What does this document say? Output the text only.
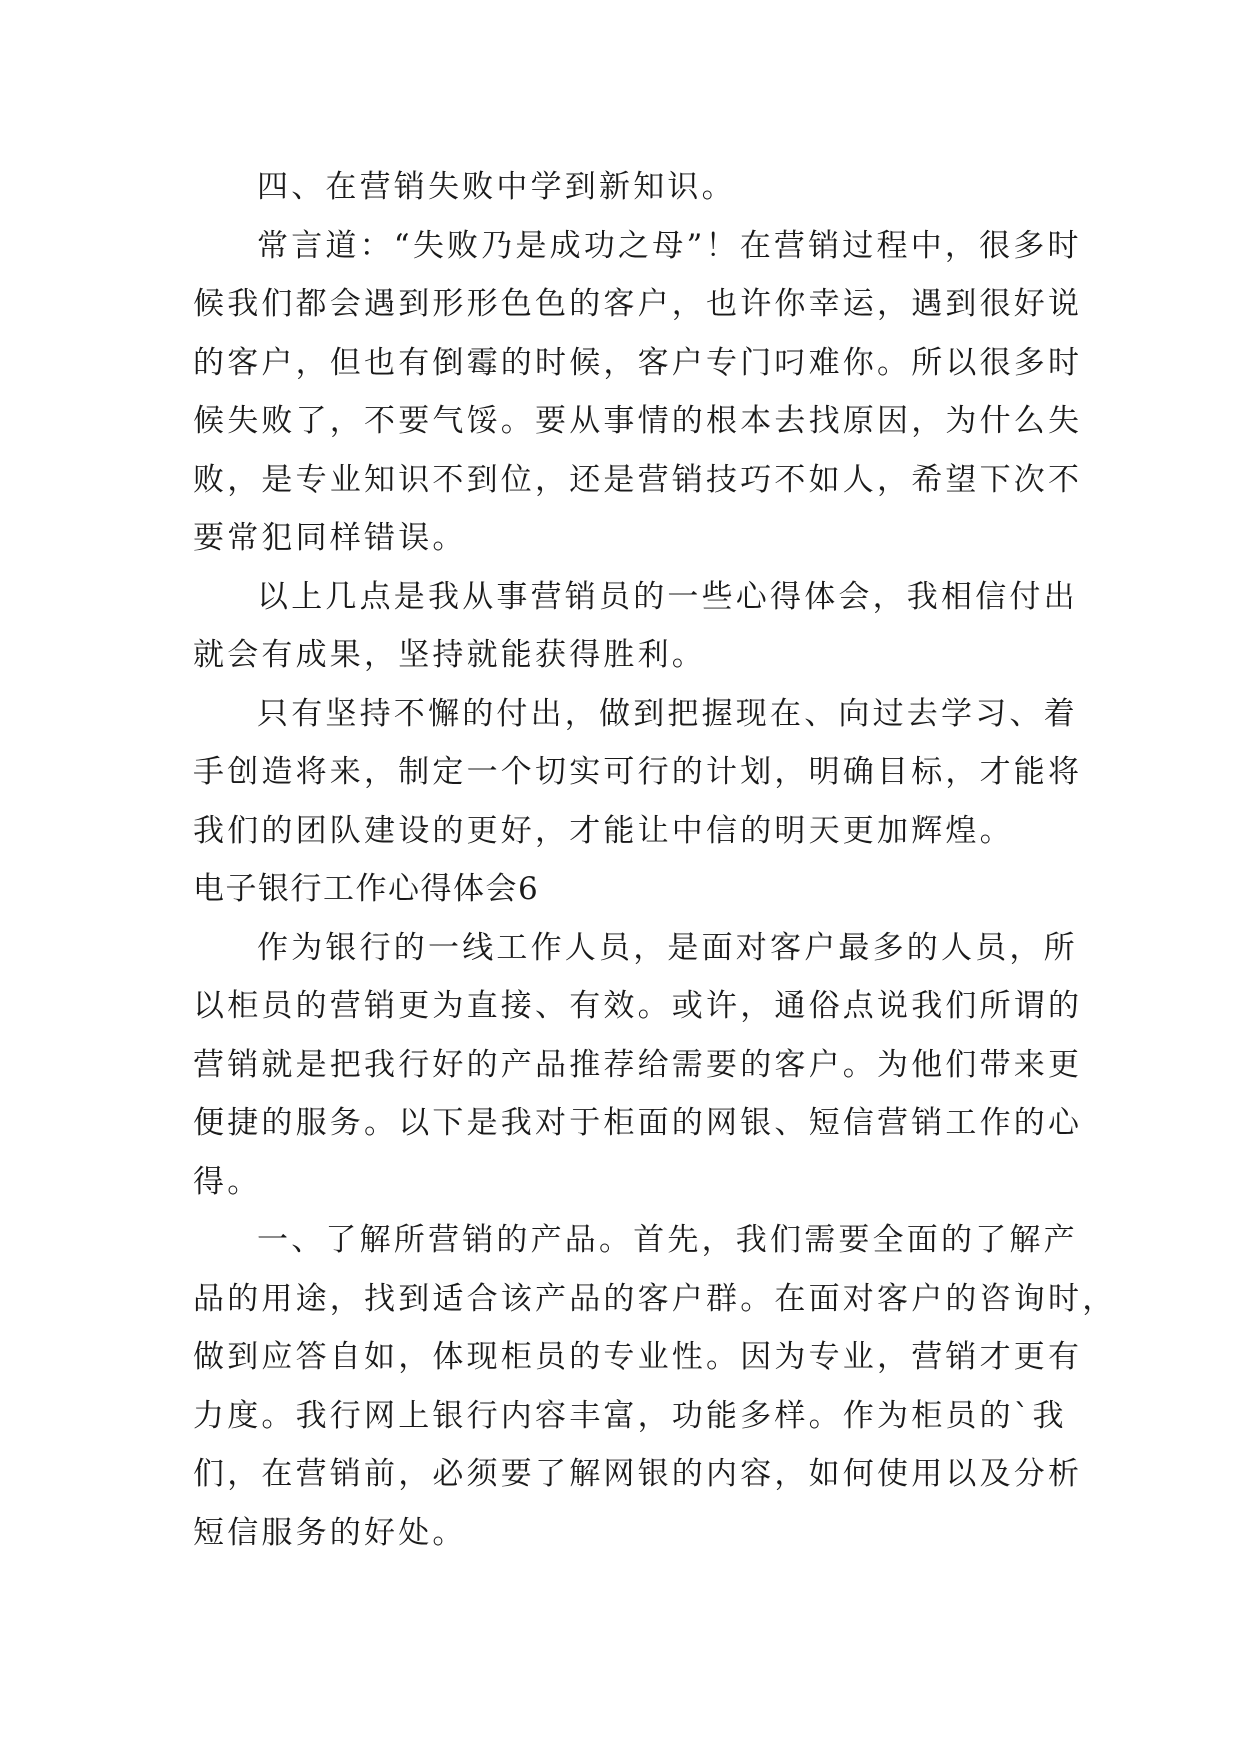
四、在营销失败中学到新知识。
常言道：“失败乃是成功之母”！在营销过程中，很多时
候我们都会遇到形形色色的客户，也许你幸运，遇到很好说
的客户，但也有倒霉的时候，客户专门叼难你。所以很多时
候失败了，不要气馁。要从事情的根本去找原因，为什么失
败，是专业知识不到位，还是营销技巧不如人，希望下次不
要常犯同样错误。
以上几点是我从事营销员的一些心得体会，我相信付出
就会有成果，坚持就能获得胜利。
只有坚持不懈的付出，做到把握现在、向过去学习、着
手创造将来，制定一个切实可行的计划，明确目标，才能将
我们的团队建设的更好，才能让中信的明天更加辉煌。
电子银行工作心得体会6
作为银行的一线工作人员，是面对客户最多的人员，所
以柜员的营销更为直接、有效。或许，通俗点说我们所谓的
营销就是把我行好的产品推荐给需要的客户。为他们带来更
便捷的服务。以下是我对于柜面的网银、短信营销工作的心
得。
一、了解所营销的产品。首先，我们需要全面的了解产
品的用途，找到适合该产品的客户群。在面对客户的咨询时，
做到应答自如，体现柜员的专业性。因为专业，营销才更有
力度。我行网上银行内容丰富，功能多样。作为柜员的`我
们，在营销前，必须要了解网银的内容，如何使用以及分析
短信服务的好处。
